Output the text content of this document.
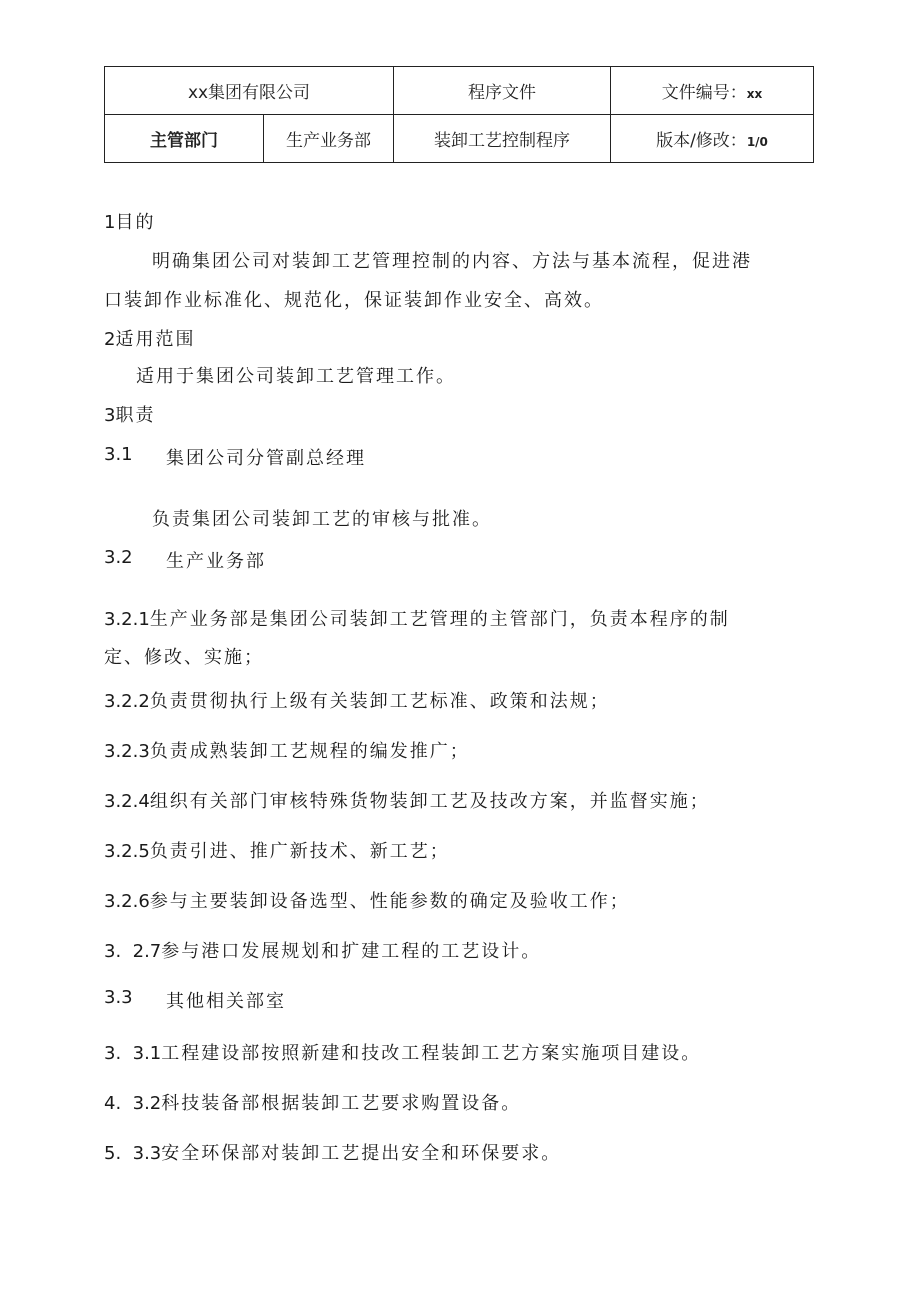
xx集团有限公司		程序文件	文件编号：xx
主管部门	生产业务部	装卸工艺控制程序	版本/修改：1/0
1目的
明确集团公司对装卸工艺管理控制的内容、方法与基本流程，促进港
口装卸作业标准化、规范化，保证装卸作业安全、高效。
2适用范围
适用于集团公司装卸工艺管理工作。
3职责
3.1 集团公司分管副总经理
负责集团公司装卸工艺的审核与批准。
3.2 生产业务部
3.2.1生产业务部是集团公司装卸工艺管理的主管部门，负责本程序的制
定、修改、实施；
3.2.2负责贯彻执行上级有关装卸工艺标准、政策和法规；
3.2.3负责成熟装卸工艺规程的编发推广；
3.2.4组织有关部门审核特殊货物装卸工艺及技改方案，并监督实施；
3.2.5负责引进、推广新技术、新工艺；
3.2.6参与主要装卸设备选型、性能参数的确定及验收工作；
3.  2.7参与港口发展规划和扩建工程的工艺设计。
3.3 其他相关部室
3.  3.1工程建设部按照新建和技改工程装卸工艺方案实施项目建设。
4.  3.2科技装备部根据装卸工艺要求购置设备。
5.  3.3安全环保部对装卸工艺提出安全和环保要求。
